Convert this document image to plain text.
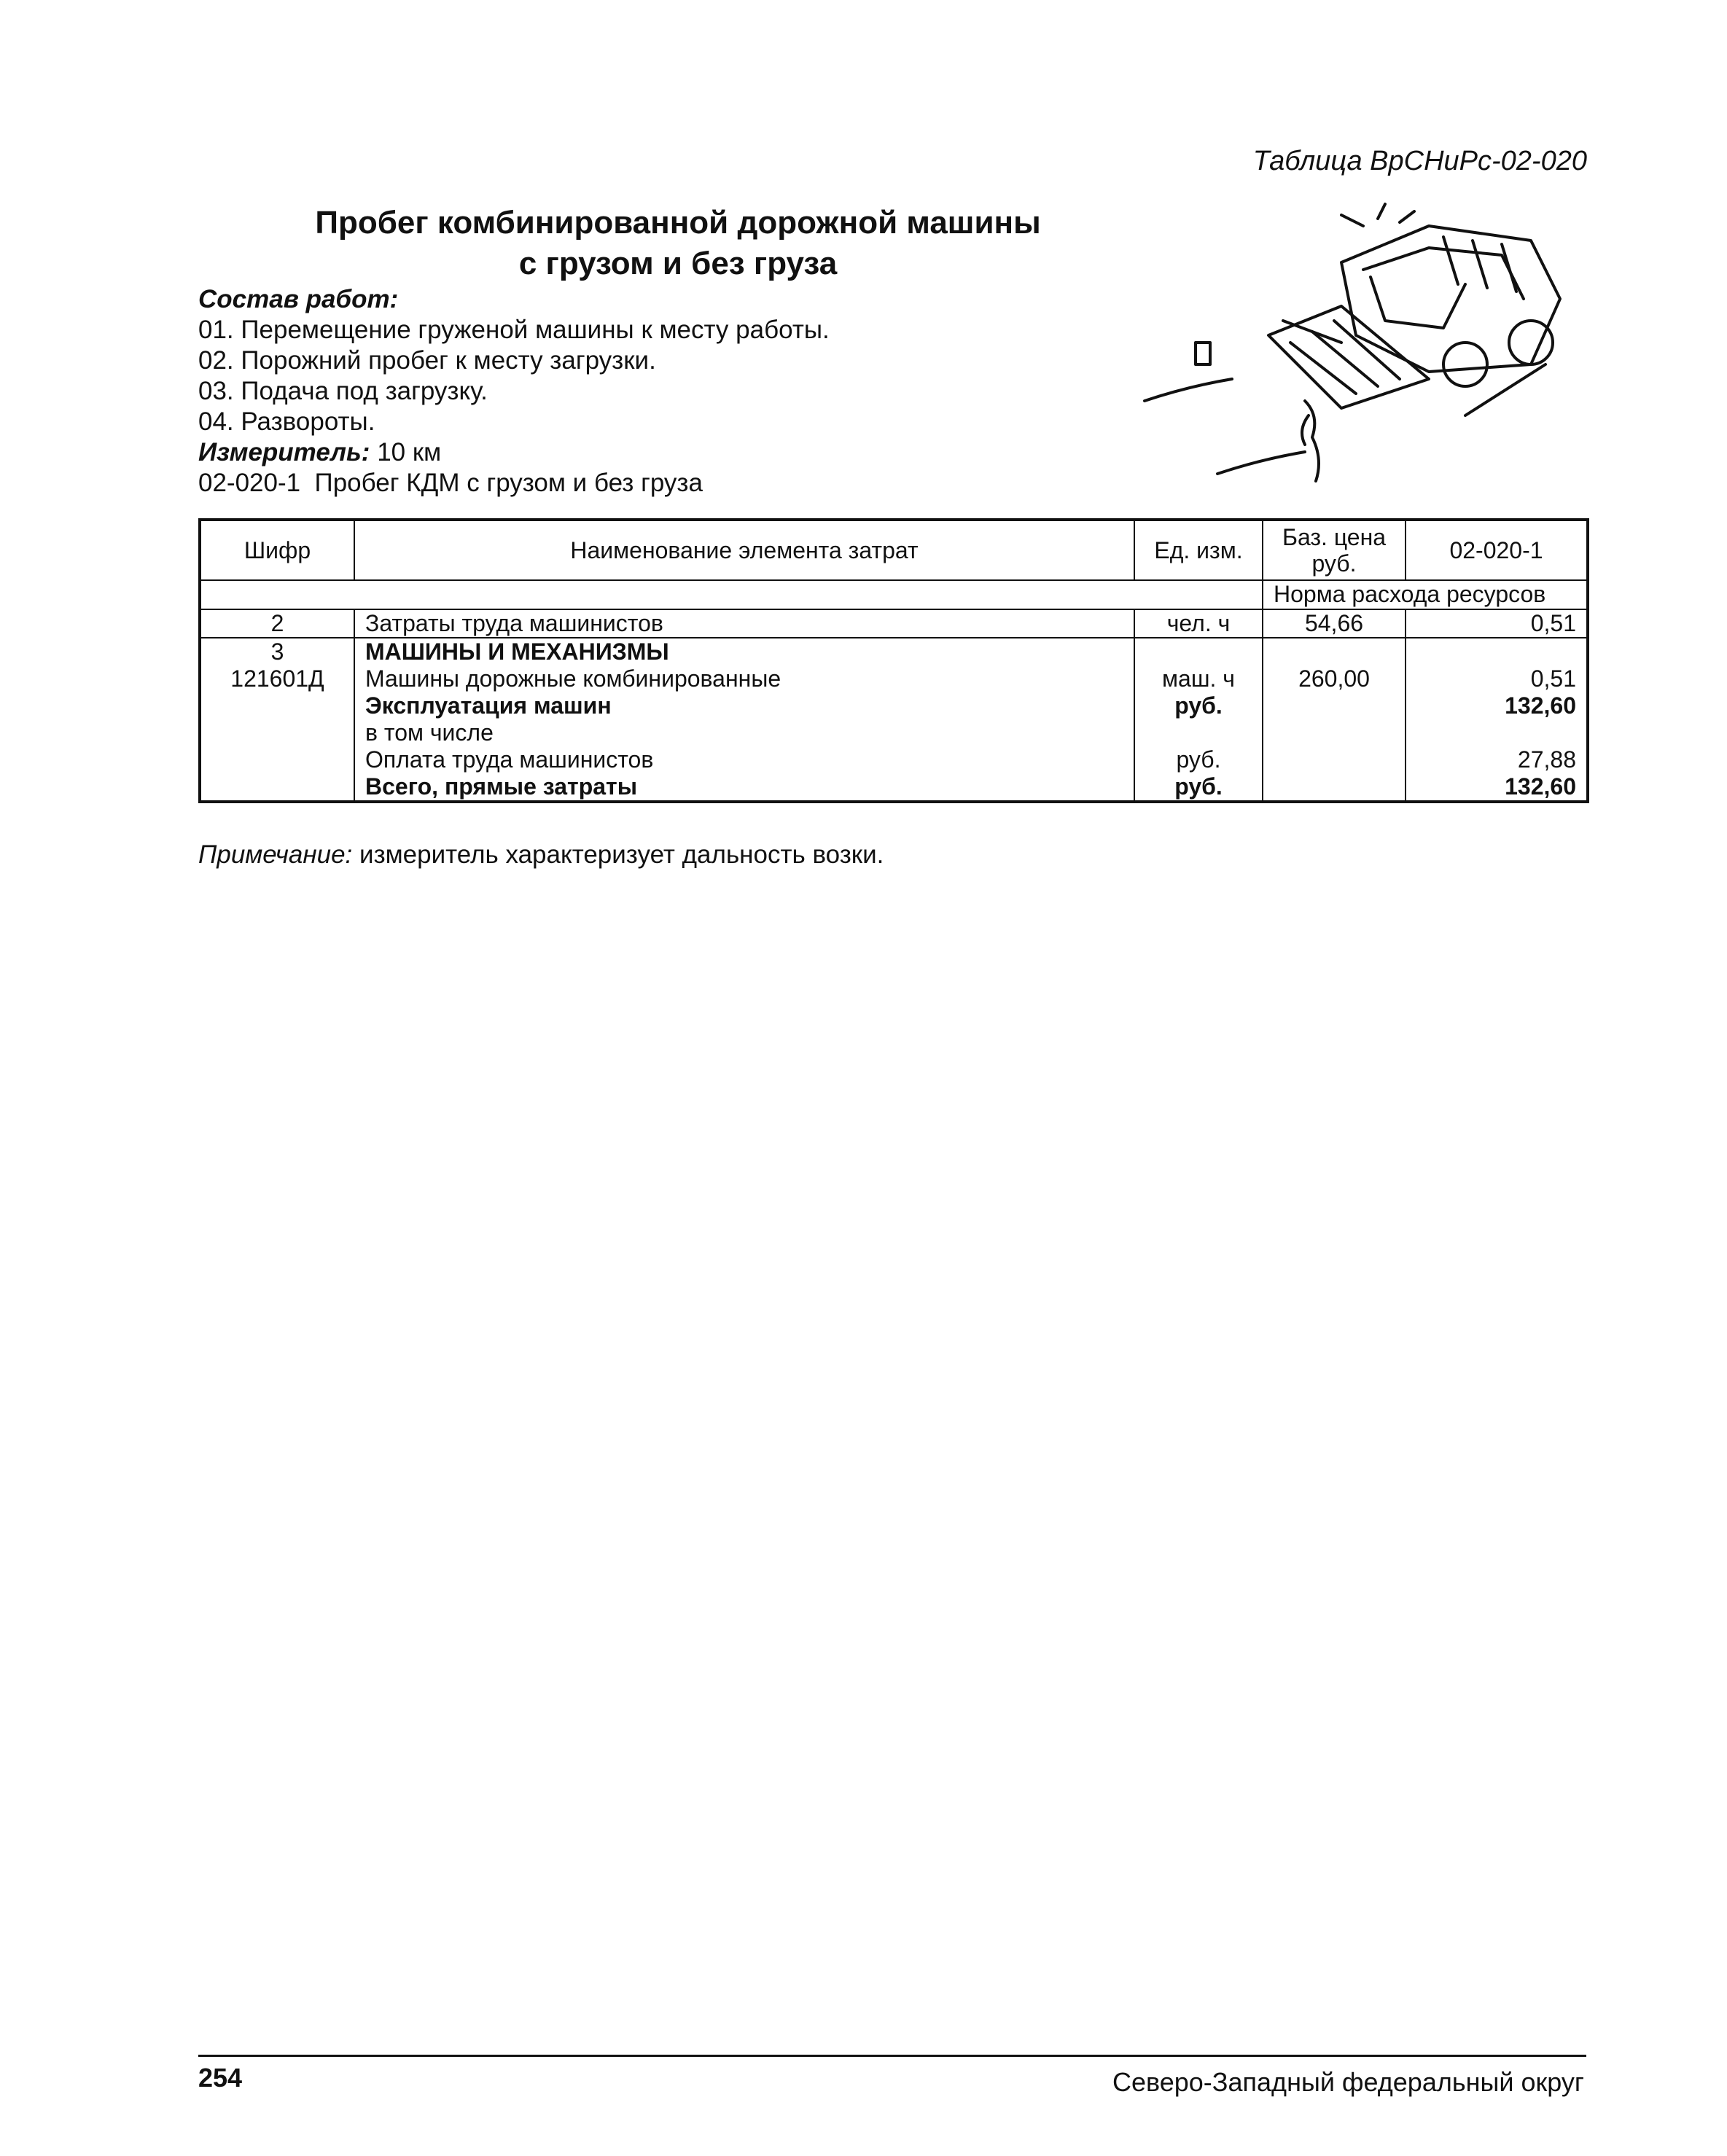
Таблица ВрСНиРс-02-020
Пробег комбинированной дорожной машины
с грузом и без груза
Состав работ:
01. Перемещение груженой машины к месту работы.
02. Порожний пробег к месту загрузки.
03. Подача под загрузку.
04. Развороты.
Измеритель: 10 км
02-020-1  Пробег КДМ с грузом и без груза
Шифр	Наименование элемента затрат	Ед. изм.	Баз. цена руб.	02-020-1
			Норма расхода ресурсов	
2	Затраты труда машинистов	чел. ч	54,66	0,51
3	МАШИНЫ И МЕХАНИЗМЫ			
121601Д	Машины дорожные комбинированные	маш. ч	260,00	0,51
	Эксплуатация машин	руб.		132,60
	в том числе			
	Оплата труда машинистов	руб.		27,88
	Всего, прямые затраты	руб.		132,60
Примечание: измеритель характеризует дальность возки.
254	Северо-Западный федеральный округ
